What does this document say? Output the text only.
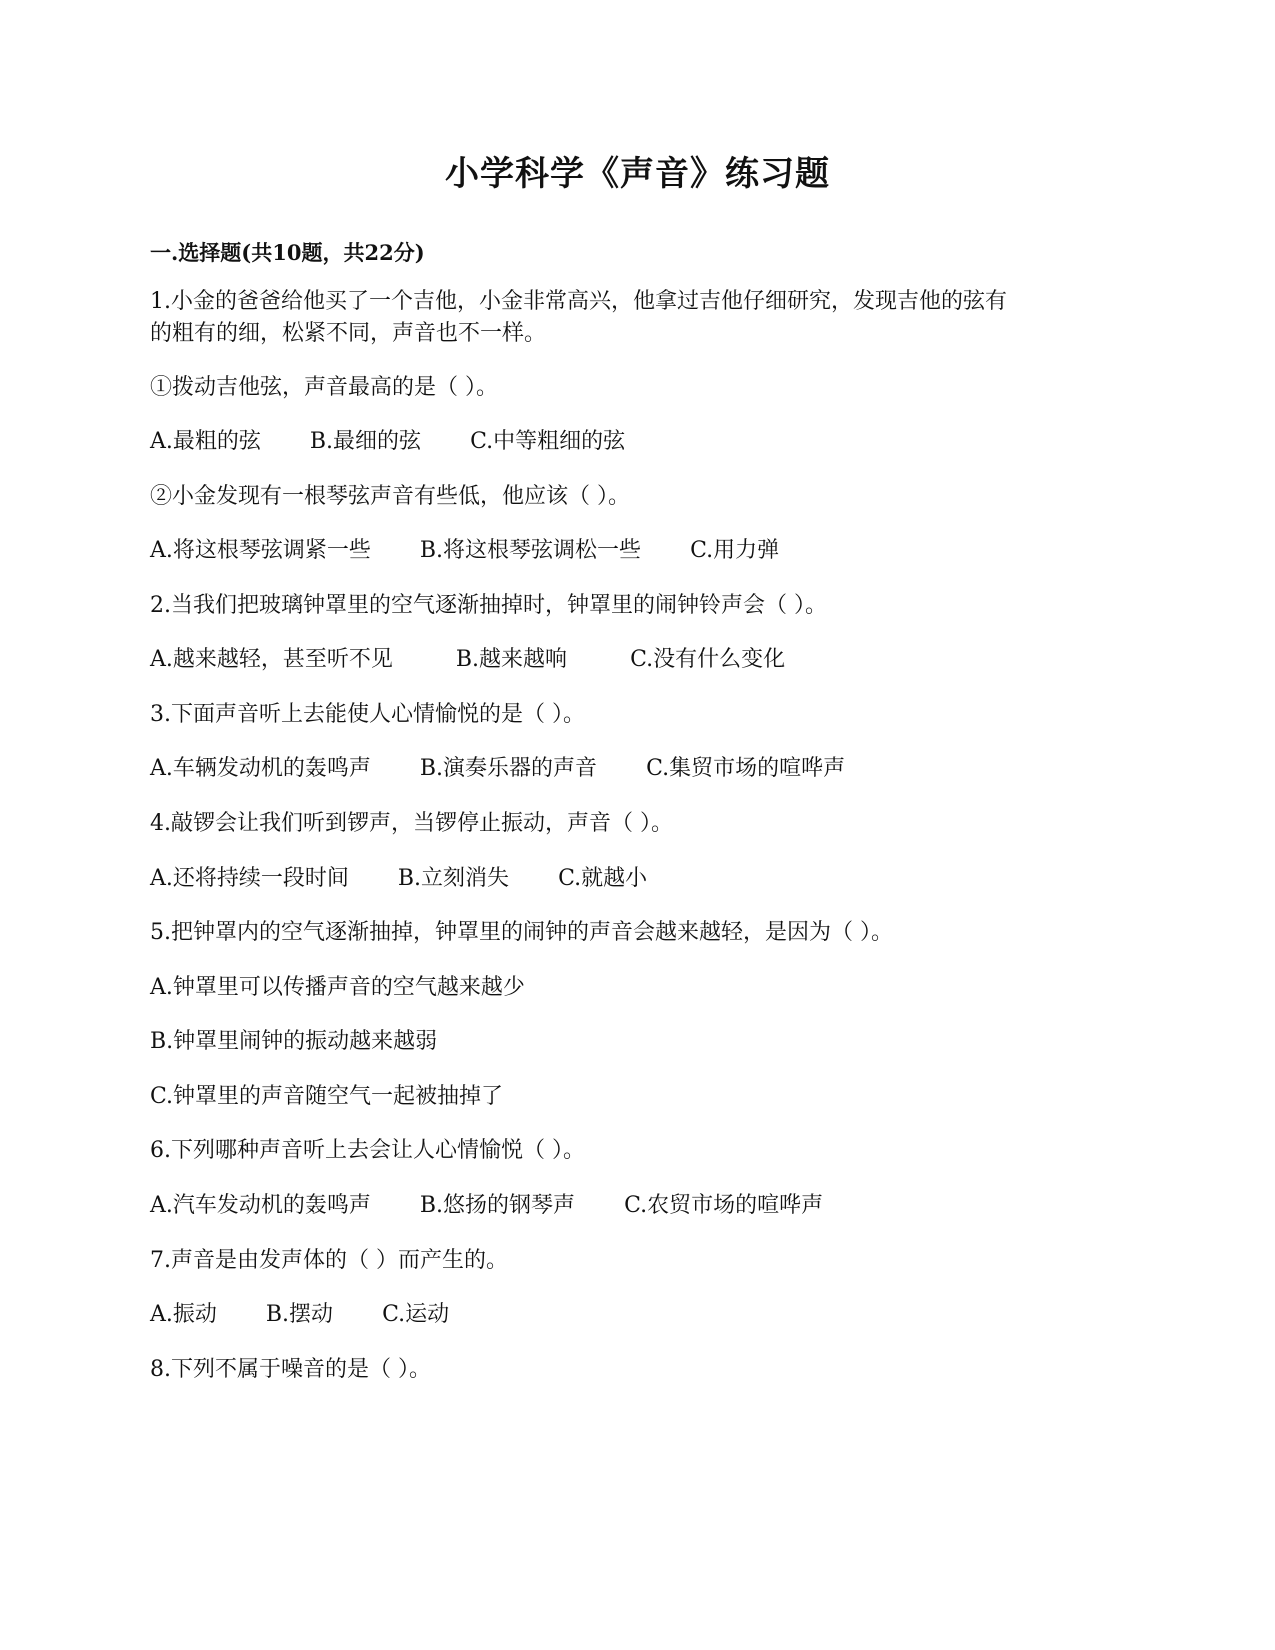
小学科学《声音》练习题
一.选择题(共10题，共22分)
1.小金的爸爸给他买了一个吉他，小金非常高兴，他拿过吉他仔细研究，发现吉他的弦有
的粗有的细，松紧不同，声音也不一样。
①拨动吉他弦，声音最高的是（ ）。
A.最粗的弦 B.最细的弦 C.中等粗细的弦
②小金发现有一根琴弦声音有些低，他应该（ ）。
A.将这根琴弦调紧一些 B.将这根琴弦调松一些 C.用力弹
2.当我们把玻璃钟罩里的空气逐渐抽掉时，钟罩里的闹钟铃声会（ ）。
A.越来越轻，甚至听不见	B.越来越响	C.没有什么变化
3.下面声音听上去能使人心情愉悦的是（ ）。
A.车辆发动机的轰鸣声 B.演奏乐器的声音 C.集贸市场的喧哗声
4.敲锣会让我们听到锣声，当锣停止振动，声音（ ）。
A.还将持续一段时间 B.立刻消失 C.就越小
5.把钟罩内的空气逐渐抽掉，钟罩里的闹钟的声音会越来越轻，是因为（ ）。
A.钟罩里可以传播声音的空气越来越少
B.钟罩里闹钟的振动越来越弱
C.钟罩里的声音随空气一起被抽掉了
6.下列哪种声音听上去会让人心情愉悦（ ）。
A.汽车发动机的轰鸣声 B.悠扬的钢琴声 C.农贸市场的喧哗声
7.声音是由发声体的（ ）而产生的。
A.振动 B.摆动 C.运动
8.下列不属于噪音的是（ ）。
